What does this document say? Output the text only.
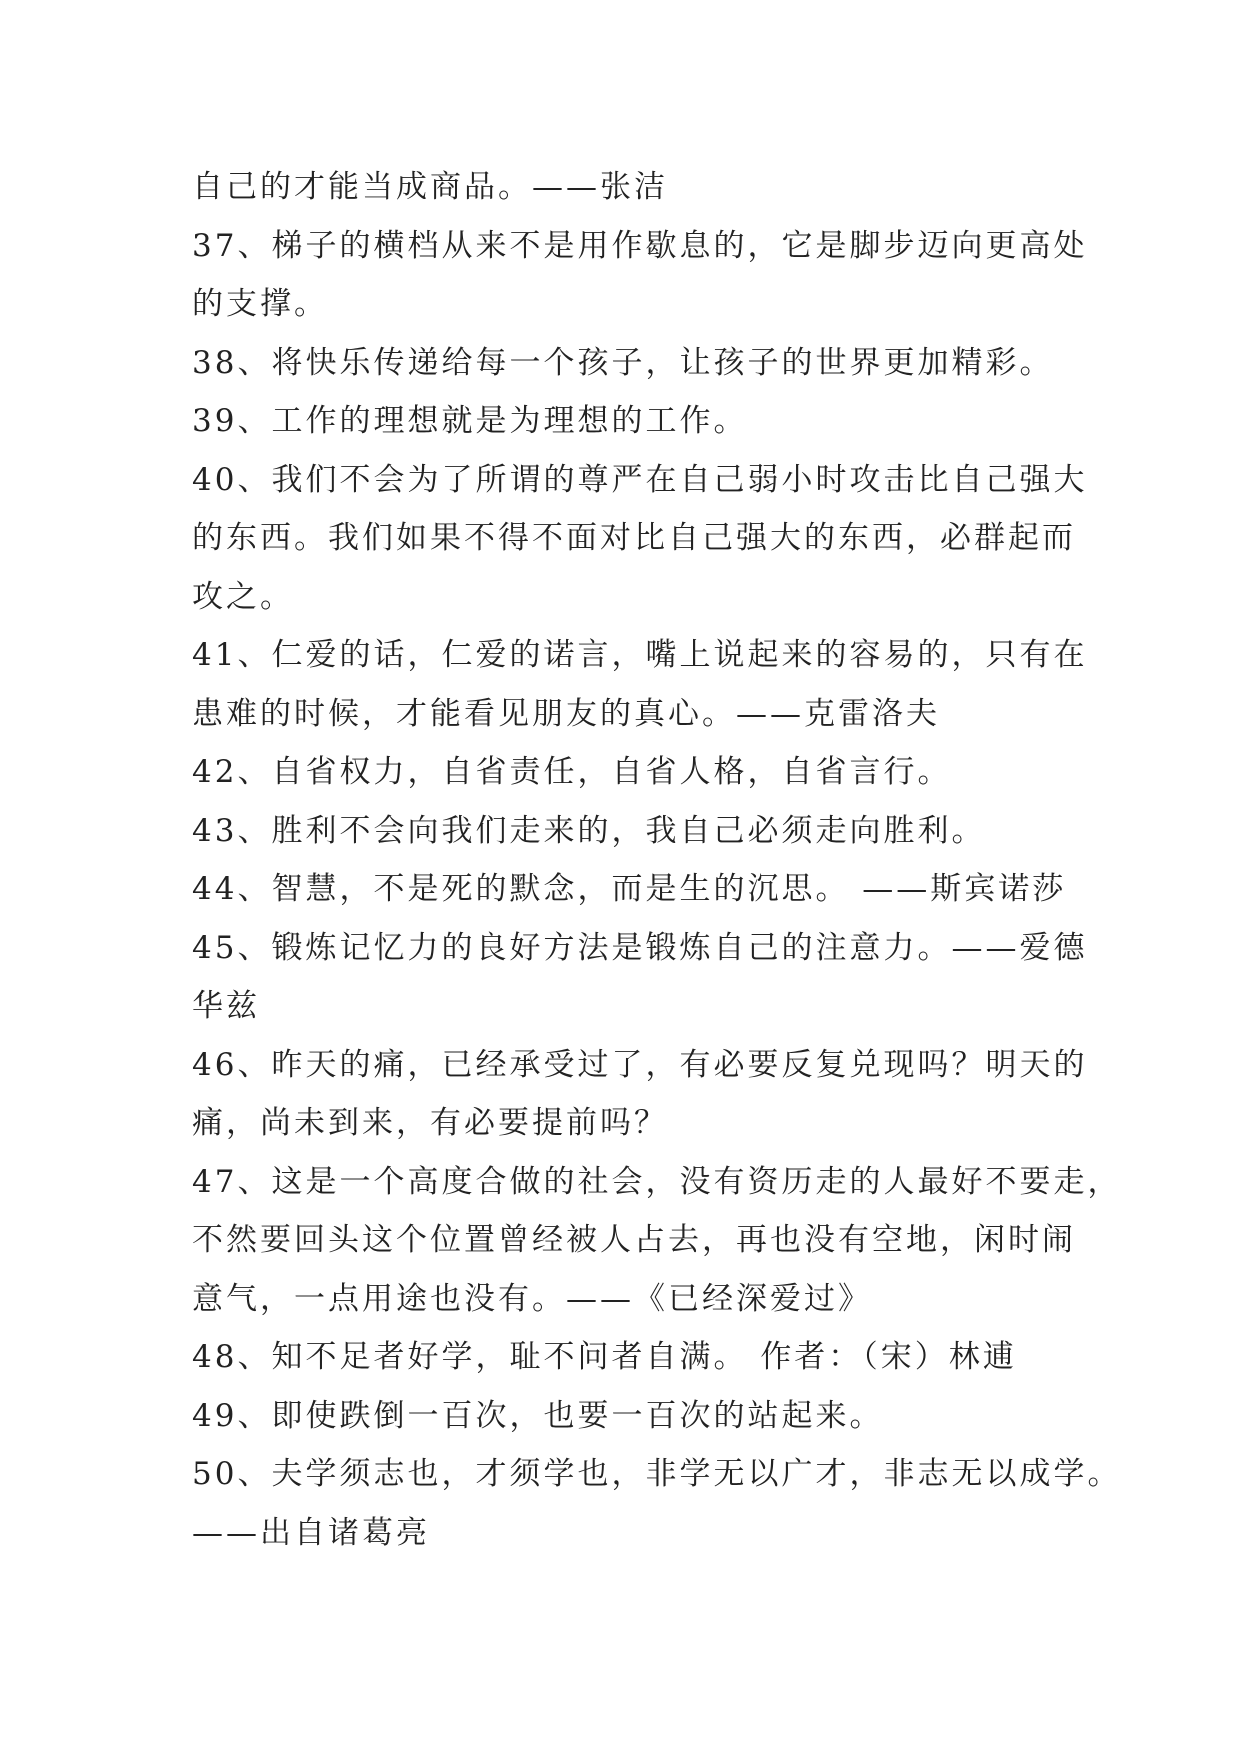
自己的才能当成商品。——张洁
37、梯子的横档从来不是用作歇息的，它是脚步迈向更高处
的支撑。
38、将快乐传递给每一个孩子，让孩子的世界更加精彩。
39、工作的理想就是为理想的工作。
40、我们不会为了所谓的尊严在自己弱小时攻击比自己强大
的东西。我们如果不得不面对比自己强大的东西，必群起而
攻之。
41、仁爱的话，仁爱的诺言，嘴上说起来的容易的，只有在
患难的时候，才能看见朋友的真心。——克雷洛夫
42、自省权力，自省责任，自省人格，自省言行。
43、胜利不会向我们走来的，我自己必须走向胜利。
44、智慧，不是死的默念，而是生的沉思。 ——斯宾诺莎
45、锻炼记忆力的良好方法是锻炼自己的注意力。——爱德
华兹
46、昨天的痛，已经承受过了，有必要反复兑现吗？明天的
痛，尚未到来，有必要提前吗？
47、这是一个高度合做的社会，没有资历走的人最好不要走，
不然要回头这个位置曾经被人占去，再也没有空地，闲时闹
意气，一点用途也没有。——《已经深爱过》
48、知不足者好学，耻不问者自满。 作者：（宋）林逋
49、即使跌倒一百次，也要一百次的站起来。
50、夫学须志也，才须学也，非学无以广才，非志无以成学。
——出自诸葛亮
